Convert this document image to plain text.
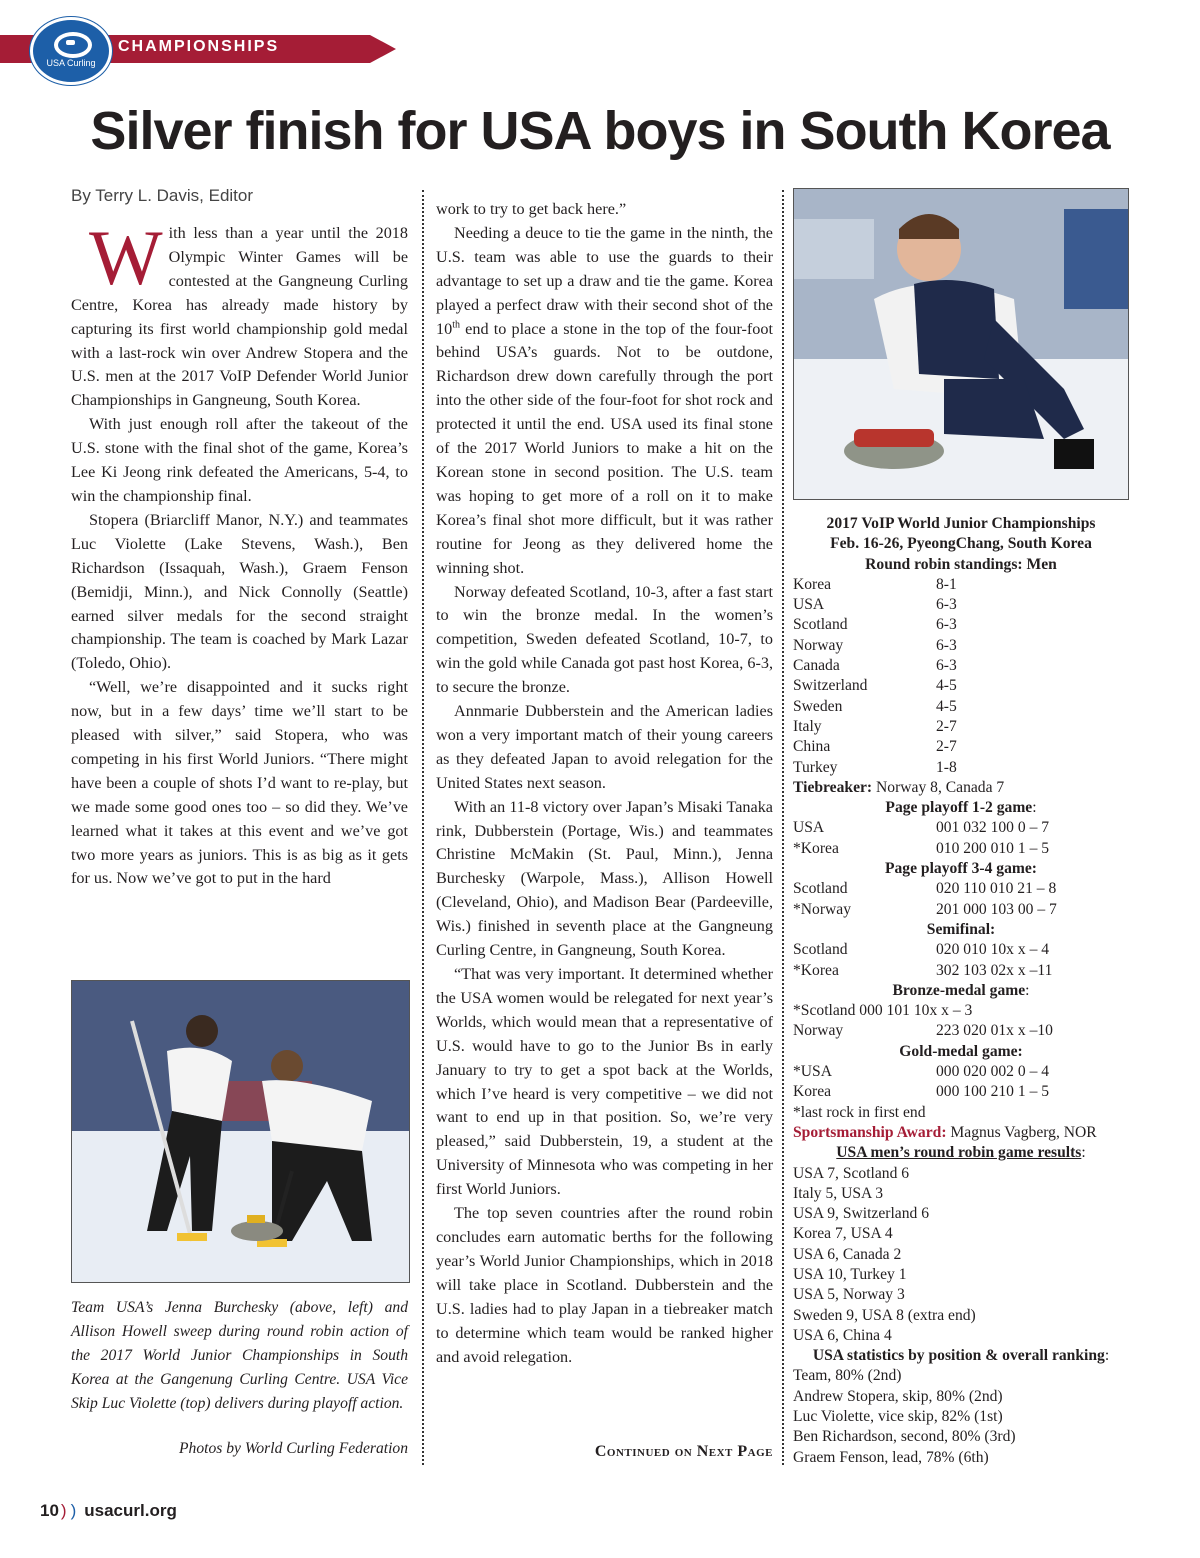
CHAMPIONSHIPS
USA Curling
Silver finish for USA boys in South Korea
By Terry L. Davis, Editor

With less than a year until the 2018 Olympic Winter Games will be contested at the Gangneung Curling Centre, Korea has already made history by capturing its first world championship gold medal with a last-rock win over Andrew Stopera and the U.S. men at the 2017 VoIP Defender World Junior Championships in Gangneung, South Korea.

With just enough roll after the takeout of the U.S. stone with the final shot of the game, Korea’s Lee Ki Jeong rink defeated the Americans, 5-4, to win the championship final.

Stopera (Briarcliff Manor, N.Y.) and teammates Luc Violette (Lake Stevens, Wash.), Ben Richardson (Issaquah, Wash.), Graem Fenson (Bemidji, Minn.), and Nick Connolly (Seattle) earned silver medals for the second straight championship. The team is coached by Mark Lazar (Toledo, Ohio).

“Well, we’re disappointed and it sucks right now, but in a few days’ time we’ll start to be pleased with silver,” said Stopera, who was competing in his first World Juniors. “There might have been a couple of shots I’d want to re-play, but we made some good ones too – so did they. We’ve learned what it takes at this event and we’ve got two more years as juniors. This is as big as it gets for us. Now we’ve got to put in the hard

work to try to get back here.”

Needing a deuce to tie the game in the ninth, the U.S. team was able to use the guards to their advantage to set up a draw and tie the game. Korea played a perfect draw with their second shot of the 10th end to place a stone in the top of the four-foot behind USA’s guards. Not to be outdone, Richardson drew down carefully through the port into the other side of the four-foot for shot rock and protected it until the end. USA used its final stone of the 2017 World Juniors to make a hit on the Korean stone in second position. The U.S. team was hoping to get more of a roll on it to make Korea’s final shot more difficult, but it was rather routine for Jeong as they delivered home the winning shot.

Norway defeated Scotland, 10-3, after a fast start to win the bronze medal. In the women’s competition, Sweden defeated Scotland, 10-7, to win the gold while Canada got past host Korea, 6-3, to secure the bronze.

Annmarie Dubberstein and the American ladies won a very important match of their young careers as they defeated Japan to avoid relegation for the United States next season.

With an 11-8 victory over Japan’s Misaki Tanaka rink, Dubberstein (Portage, Wis.) and teammates Christine McMakin (St. Paul, Minn.), Jenna Burchesky (Warpole, Mass.), Allison Howell (Cleveland, Ohio), and Madison Bear (Pardeeville, Wis.) finished in seventh place at the Gangneung Curling Centre, in Gangneung, South Korea.

“That was very important. It determined whether the USA women would be relegated for next year’s Worlds, which would mean that a representative of U.S. would have to go to the Junior Bs in early January to try to get a spot back at the Worlds, which I’ve heard is very competitive – we did not want to end up in that position. So, we’re very pleased,” said Dubberstein, 19, a student at the University of Minnesota who was competing in her first World Juniors.

The top seven countries after the round robin concludes earn automatic berths for the following year’s World Junior Championships, which in 2018 will take place in Scotland. Dubberstein and the U.S. ladies had to play Japan in a tiebreaker match to determine which team would be ranked higher and avoid relegation.

Continued on Next Page
Team USA’s Jenna Burchesky (above, left) and Allison Howell sweep during round robin action of the 2017 World Junior Championships in South Korea at the Gangenung Curling Centre. USA Vice Skip Luc Violette (top) delivers during playoff action.
Photos by World Curling Federation
2017 VoIP World Junior Championships
Feb. 16-26, PyeongChang, South Korea
Round robin standings: Men
Korea	8-1
USA	6-3
Scotland	6-3
Norway	6-3
Canada	6-3
Switzerland	4-5
Sweden	4-5
Italy	2-7
China	2-7
Turkey	1-8
Tiebreaker: Norway 8, Canada 7
Page playoff 1-2 game:
USA	001 032 100 0 – 7
*Korea	010 200 010 1 – 5
Page playoff 3-4 game:
Scotland	020 110 010 21 – 8
*Norway	201 000 103 00 – 7
Semifinal:
Scotland	020 010 10x x – 4
*Korea	302 103 02x x –11
Bronze-medal game:
*Scotland 000 101 10x x – 3
Norway	223 020 01x x –10
Gold-medal game:
*USA	000 020 002 0 – 4
Korea	000 100 210 1 – 5
*last rock in first end
Sportsmanship Award: Magnus Vagberg, NOR
USA men’s round robin game results:
USA 7, Scotland 6
Italy 5, USA 3
USA 9, Switzerland 6
Korea 7, USA 4
USA 6, Canada 2
USA 10, Turkey 1
USA 5, Norway 3
Sweden 9, USA 8 (extra end)
USA 6, China 4
USA statistics by position & overall ranking:
Team, 80% (2nd)
Andrew Stopera, skip, 80% (2nd)
Luc Violette, vice skip, 82% (1st)
Ben Richardson, second, 80% (3rd)
Graem Fenson, lead, 78% (6th)
10 ) ) usacurl.org
